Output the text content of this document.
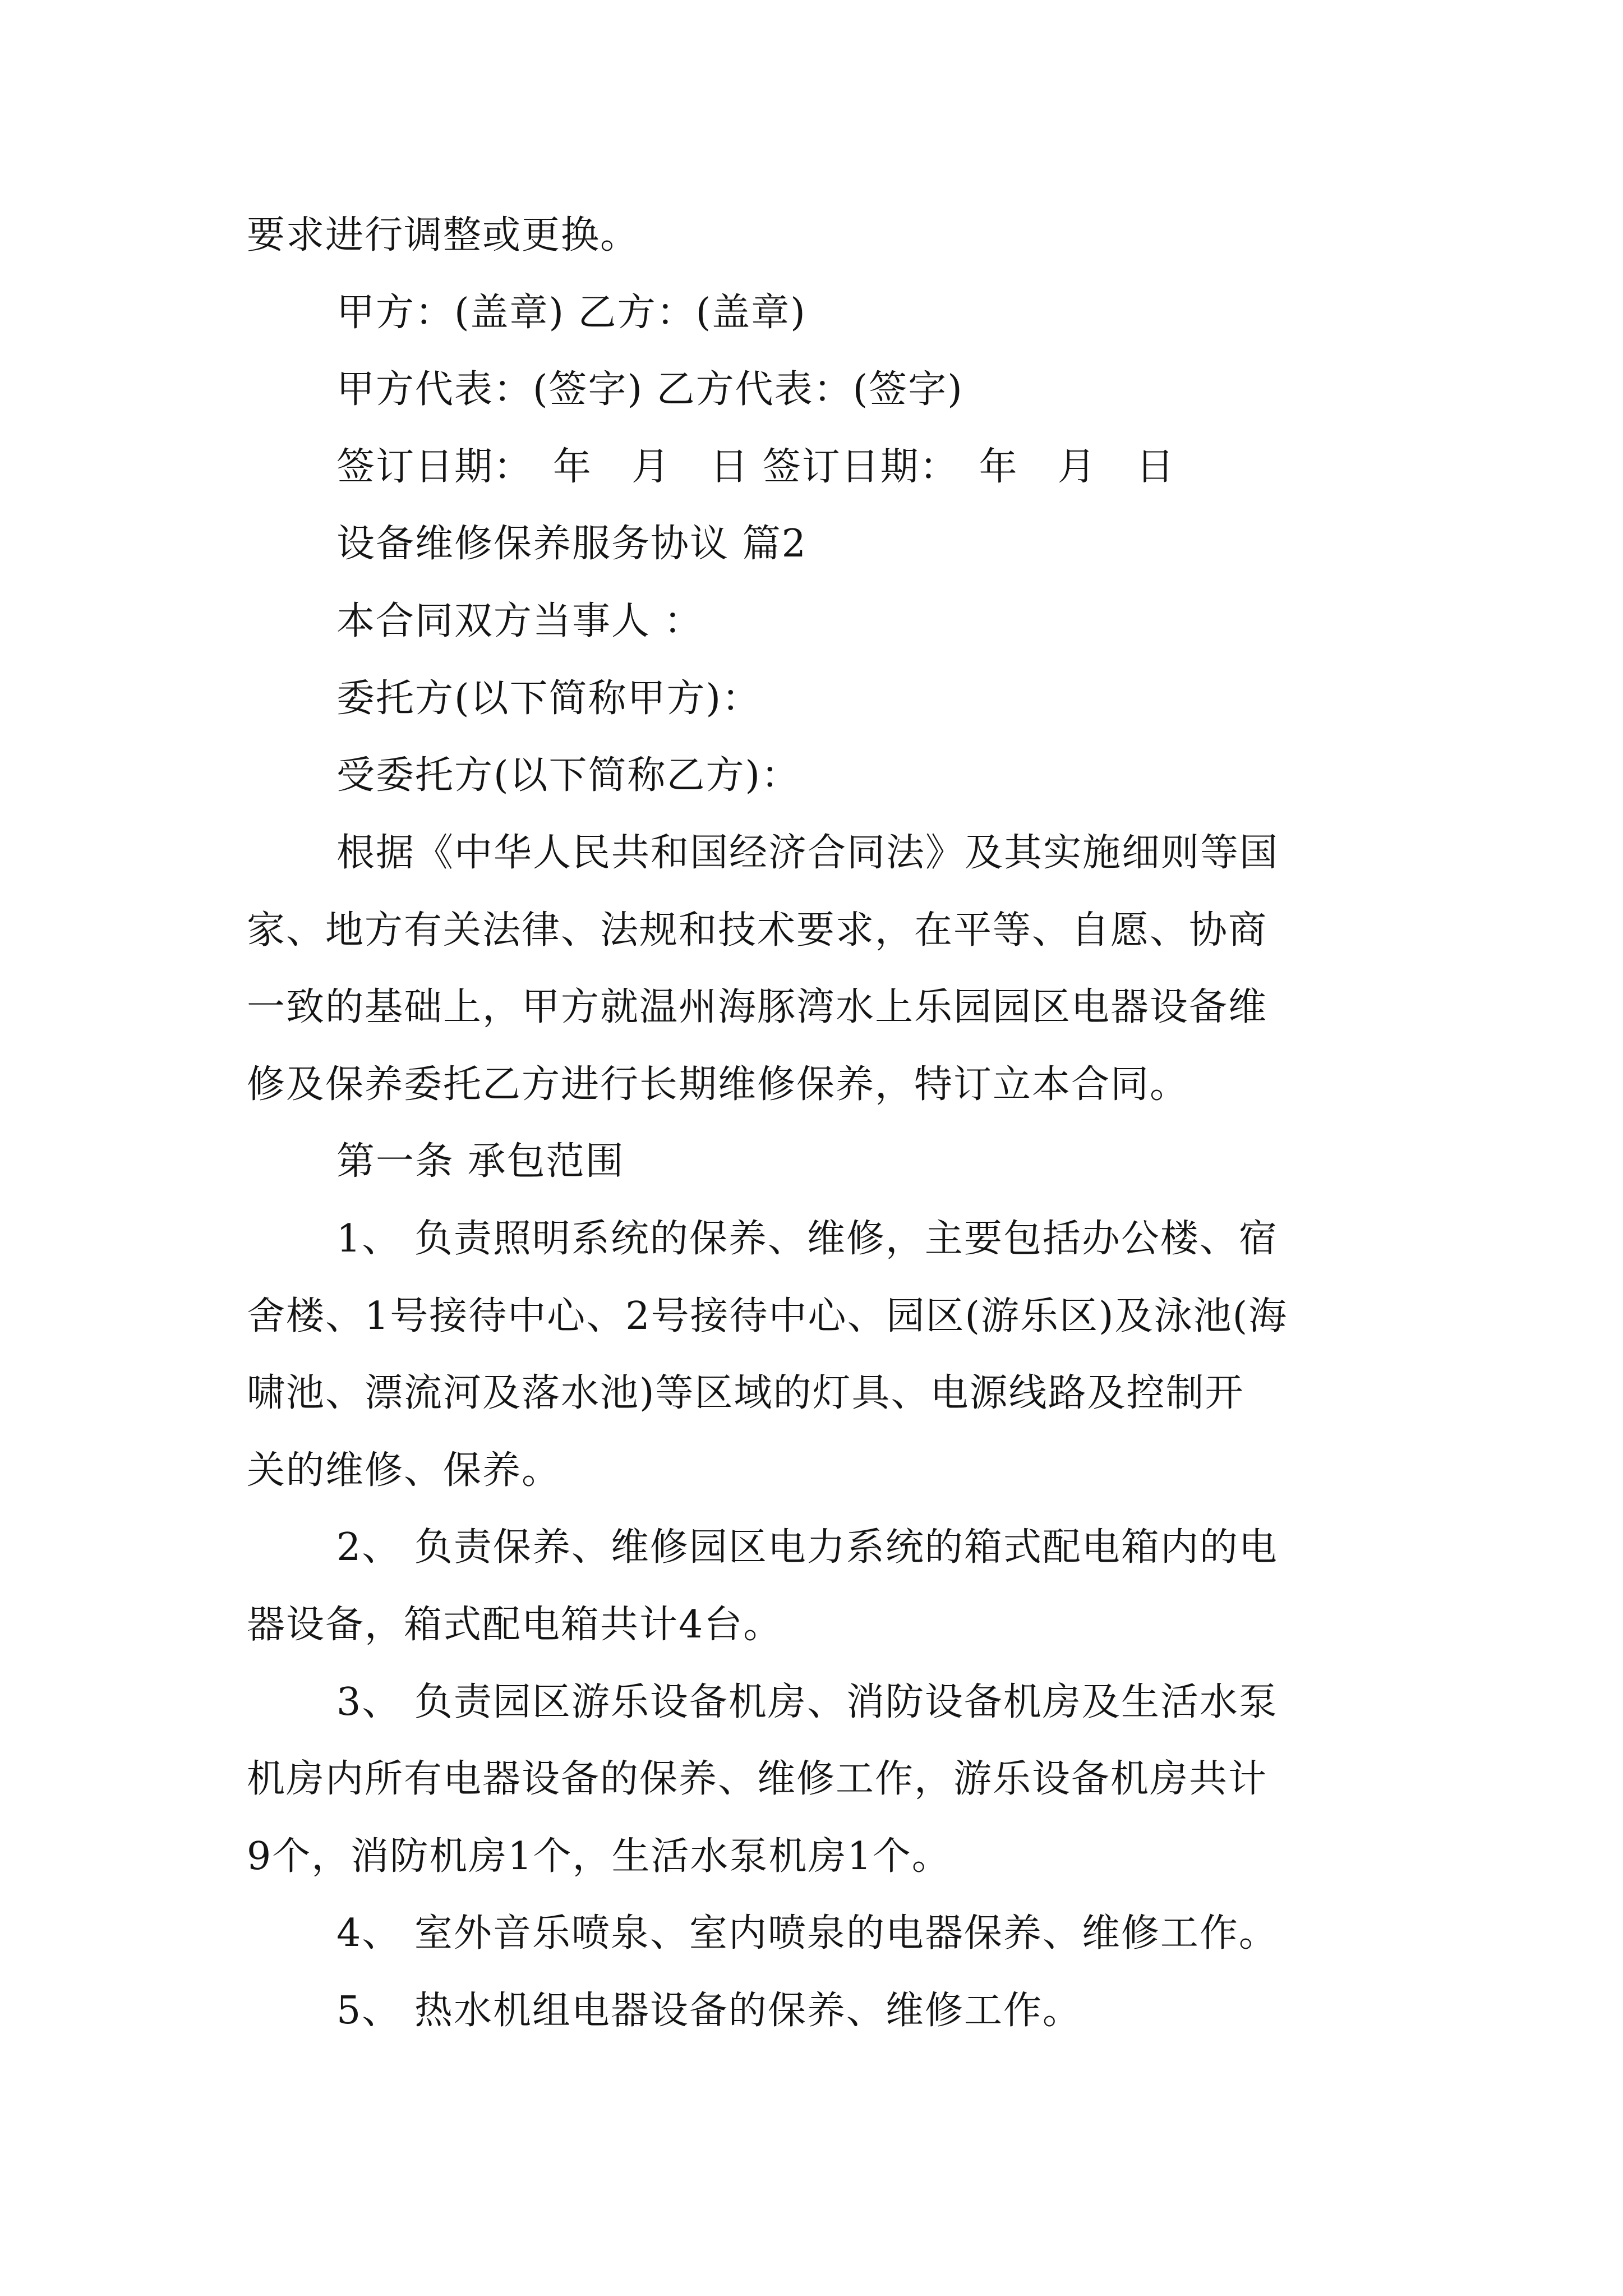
要求进行调整或更换。
甲方：(盖章) 乙方：(盖章)
甲方代表：(签字) 乙方代表：(签字)
签订日期：　年　月　日 签订日期：　年　月　日
设备维修保养服务协议 篇2
本合同双方当事人 ：
委托方(以下简称甲方)：
受委托方(以下简称乙方)：
根据《中华人民共和国经济合同法》及其实施细则等国
家、地方有关法律、法规和技术要求，在平等、自愿、协商
一致的基础上，甲方就温州海豚湾水上乐园园区电器设备维
修及保养委托乙方进行长期维修保养，特订立本合同。
第一条 承包范围
1、 负责照明系统的保养、维修，主要包括办公楼、宿
舍楼、1号接待中心、2号接待中心、园区(游乐区)及泳池(海
啸池、漂流河及落水池)等区域的灯具、电源线路及控制开
关的维修、保养。
2、 负责保养、维修园区电力系统的箱式配电箱内的电
器设备，箱式配电箱共计4台。
3、 负责园区游乐设备机房、消防设备机房及生活水泵
机房内所有电器设备的保养、维修工作，游乐设备机房共计
9个，消防机房1个，生活水泵机房1个。
4、 室外音乐喷泉、室内喷泉的电器保养、维修工作。
5、 热水机组电器设备的保养、维修工作。
